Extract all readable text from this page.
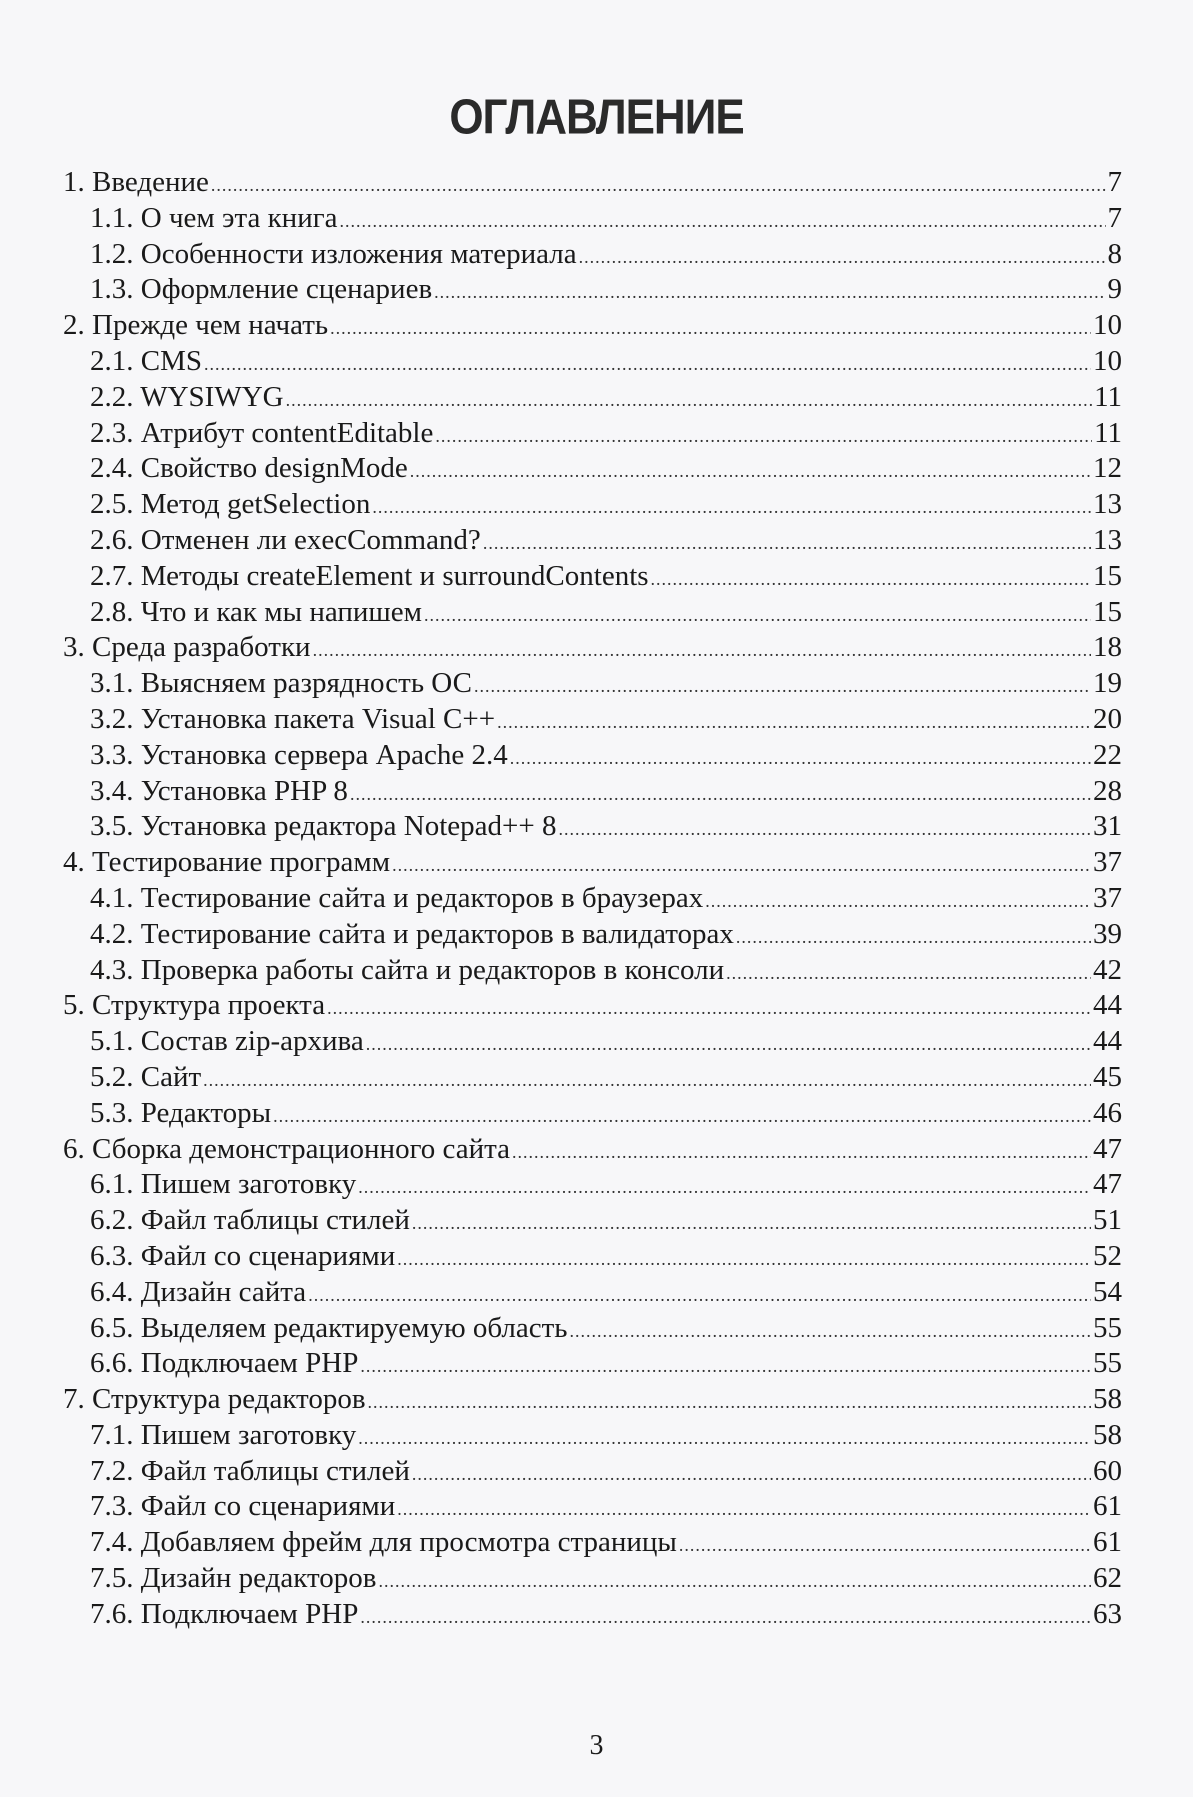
ОГЛАВЛЕНИЕ
1. Введение .....	7
1.1. О чем эта книга .....	7
1.2. Особенности изложения материала .....	8
1.3. Оформление сценариев .....	9
2. Прежде чем начать .....	10
2.1. CMS .....	10
2.2. WYSIWYG .....	11
2.3. Атрибут contentEditable .....	11
2.4. Свойство designMode .....	12
2.5. Метод getSelection .....	13
2.6. Отменен ли execCommand? .....	13
2.7. Методы createElement и surroundContents .....	15
2.8. Что и как мы напишем .....	15
3. Среда разработки .....	18
3.1. Выясняем разрядность ОС .....	19
3.2. Установка пакета Visual C++ .....	20
3.3. Установка сервера Apache 2.4 .....	22
3.4. Установка PHP 8 .....	28
3.5. Установка редактора Notepad++ 8 .....	31
4. Тестирование программ .....	37
4.1. Тестирование сайта и редакторов в браузерах .....	37
4.2. Тестирование сайта и редакторов в валидаторах .....	39
4.3. Проверка работы сайта и редакторов в консоли .....	42
5. Структура проекта .....	44
5.1. Состав zip-архива .....	44
5.2. Сайт .....	45
5.3. Редакторы .....	46
6. Сборка демонстрационного сайта .....	47
6.1. Пишем заготовку .....	47
6.2. Файл таблицы стилей .....	51
6.3. Файл со сценариями .....	52
6.4. Дизайн сайта .....	54
6.5. Выделяем редактируемую область .....	55
6.6. Подключаем PHP .....	55
7. Структура редакторов .....	58
7.1. Пишем заготовку .....	58
7.2. Файл таблицы стилей .....	60
7.3. Файл со сценариями .....	61
7.4. Добавляем фрейм для просмотра страницы .....	61
7.5. Дизайн редакторов .....	62
7.6. Подключаем PHP .....	63
3
